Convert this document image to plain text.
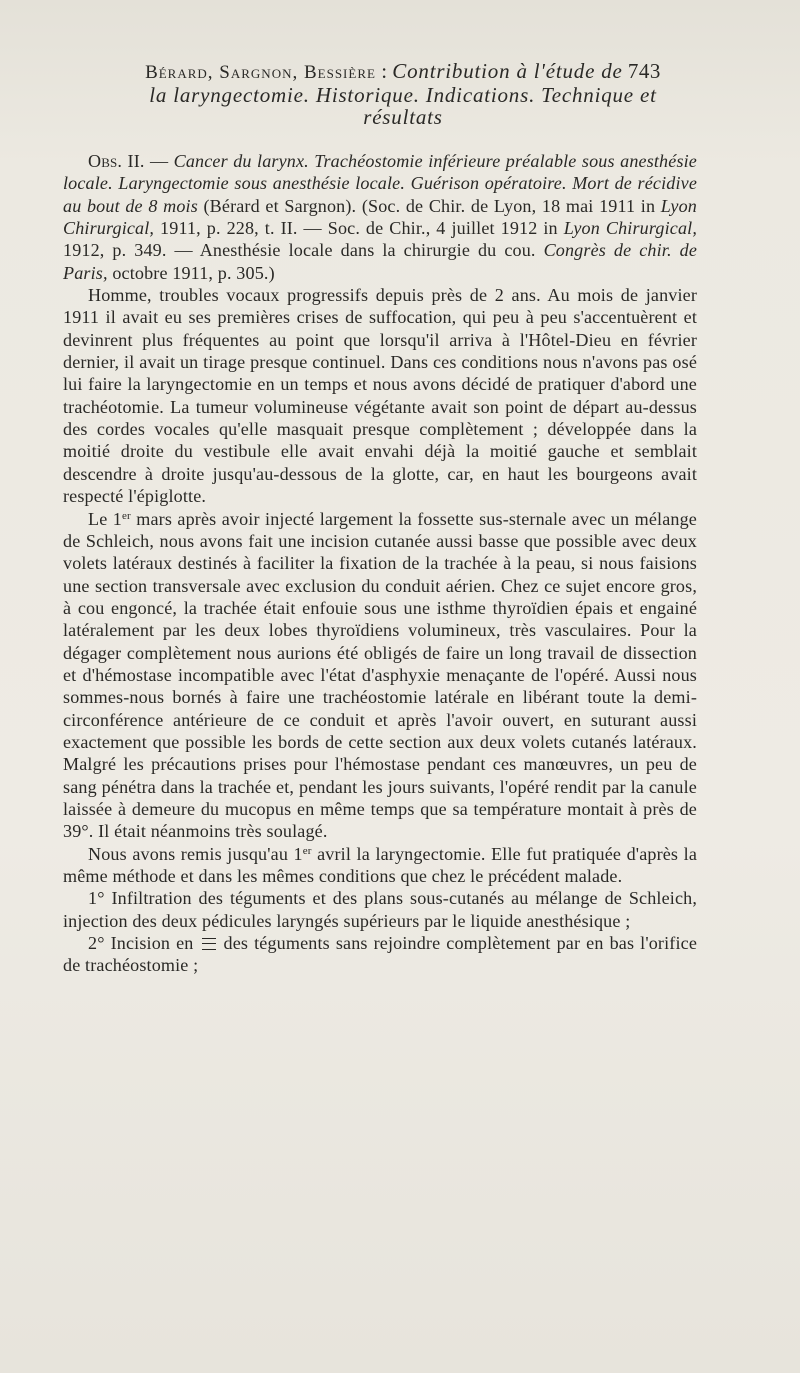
Bérard, Sargnon, Bessière : Contribution à l'étude de 743
la laryngectomie. Historique. Indications. Technique et
résultats

Obs. II. — Cancer du larynx. Trachéostomie inférieure préalable sous anesthésie locale. Laryngectomie sous anesthésie locale. Guérison opératoire. Mort de récidive au bout de 8 mois (Bérard et Sargnon). (Soc. de Chir. de Lyon, 18 mai 1911 in Lyon Chirurgical, 1911, p. 228, t. II. — Soc. de Chir., 4 juillet 1912 in Lyon Chirurgical, 1912, p. 349. — Anesthésie locale dans la chirurgie du cou. Congrès de chir. de Paris, octobre 1911, p. 305.)

Homme, troubles vocaux progressifs depuis près de 2 ans. Au mois de janvier 1911 il avait eu ses premières crises de suffocation, qui peu à peu s'accentuèrent et devinrent plus fréquentes au point que lorsqu'il arriva à l'Hôtel-Dieu en février dernier, il avait un tirage presque continuel. Dans ces conditions nous n'avons pas osé lui faire la laryngectomie en un temps et nous avons décidé de pratiquer d'abord une trachéotomie. La tumeur volumineuse végétante avait son point de départ au-dessus des cordes vocales qu'elle masquait presque complètement ; développée dans la moitié droite du vestibule elle avait envahi déjà la moitié gauche et semblait descendre à droite jusqu'au-dessous de la glotte, car, en haut les bourgeons avait respecté l'épiglotte.

Le 1er mars après avoir injecté largement la fossette sus-sternale avec un mélange de Schleich, nous avons fait une incision cutanée aussi basse que possible avec deux volets latéraux destinés à faciliter la fixation de la trachée à la peau, si nous faisions une section transversale avec exclusion du conduit aérien. Chez ce sujet encore gros, à cou engoncé, la trachée était enfouie sous une isthme thyroïdien épais et engainé latéralement par les deux lobes thyroïdiens volumineux, très vasculaires. Pour la dégager complètement nous aurions été obligés de faire un long travail de dissection et d'hémostase incompatible avec l'état d'asphyxie menaçante de l'opéré. Aussi nous sommes-nous bornés à faire une trachéostomie latérale en libérant toute la demi-circonférence antérieure de ce conduit et après l'avoir ouvert, en suturant aussi exactement que possible les bords de cette section aux deux volets cutanés latéraux. Malgré les précautions prises pour l'hémostase pendant ces manœuvres, un peu de sang pénétra dans la trachée et, pendant les jours suivants, l'opéré rendit par la canule laissée à demeure du mucopus en même temps que sa température montait à près de 39°. Il était néanmoins très soulagé.

Nous avons remis jusqu'au 1er avril la laryngectomie. Elle fut pratiquée d'après la même méthode et dans les mêmes conditions que chez le précédent malade.

1° Infiltration des téguments et des plans sous-cutanés au mélange de Schleich, injection des deux pédicules laryngés supérieurs par le liquide anesthésique ;

2° Incision en  des téguments sans rejoindre complètement par en bas l'orifice de trachéostomie ;
